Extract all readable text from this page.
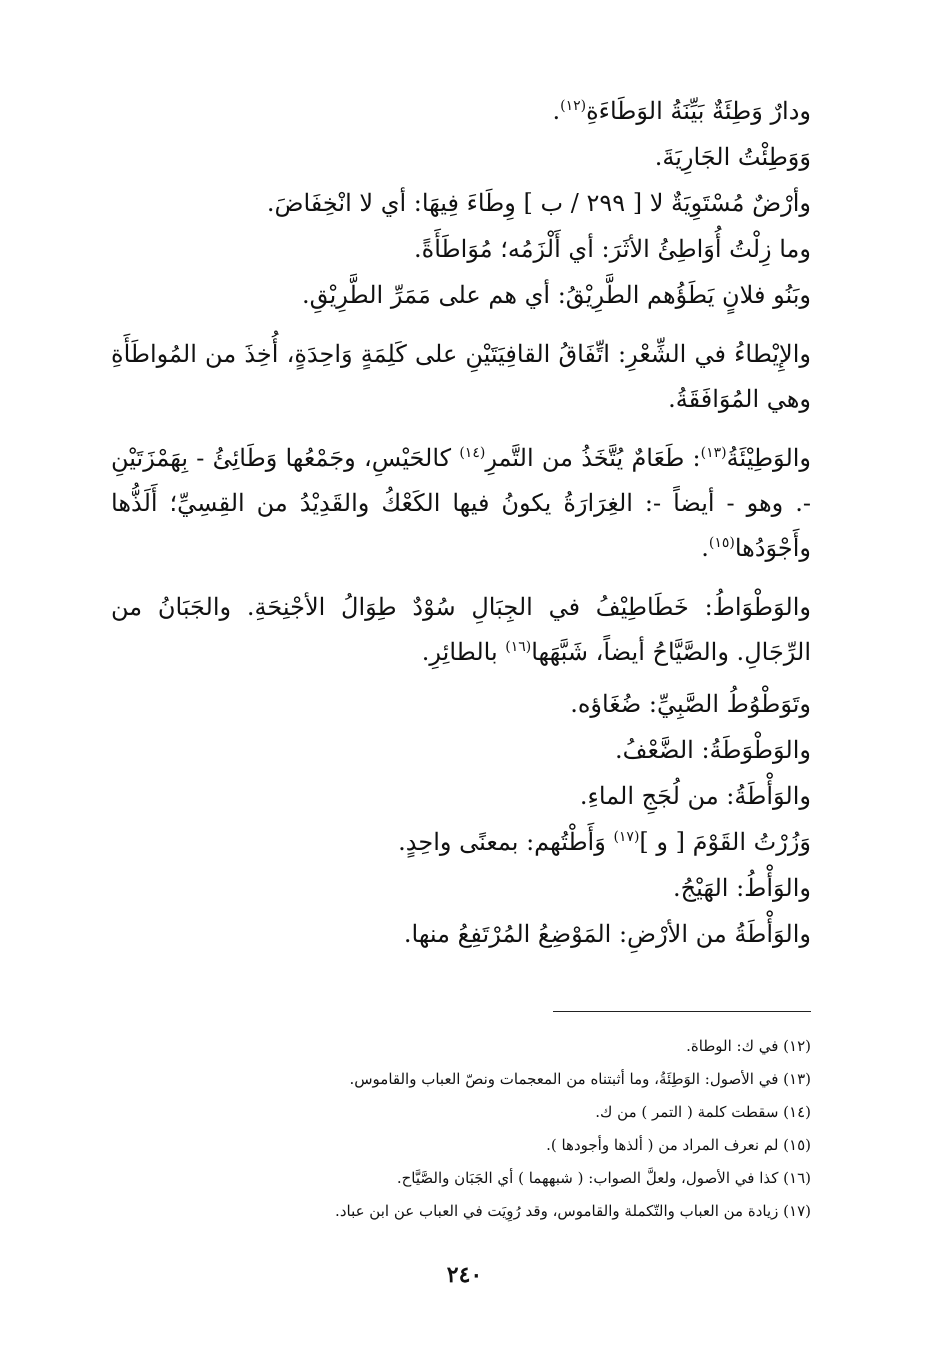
ودارٌ وَطِئَةٌ بَيِّنَةُ الوَطَاءَةِ$^{(١٢)}$.
وَوَطِئْتُ الجَارِيَةَ.
وأرْضٌ مُسْتَوِيَةٌ لا [ ٢٩٩ / ب ] وِطَاءَ فِيهَا: أي لا انْخِفَاضَ.
وما زِلْتُ أُوَاطِئُ الأثَرَ: أي أَلْزَمُه؛ مُوَاطَأَةً.
وبَنُو فلانٍ يَطَؤُهم الطَّرِيْقُ: أي هم على مَمَرِّ الطَّرِيْقِ.
والإِيْطاءُ في الشِّعْرِ: اتِّفَاقُ القافِيَتَيْنِ على كَلِمَةٍ وَاحِدَةٍ، أُخِذَ من المُواطَأَةِ وهي المُوَافَقَةُ.
والوَطِيْئَةُ$^{(١٣)}$: طَعَامٌ يُتَّخَذُ من التَّمرِ$^{(١٤)}$ كالحَيْسِ، وجَمْعُها وَطَائِئُ - بِهَمْزَتَيْنِ -. وهو - أيضاً -: الغِرَارَةُ يكونُ فيها الكَعْكُ والقَدِيْدُ من القِسِيِّ؛ أَلَذُّها وأَجْوَدُها$^{(١٥)}$.
والوَطْوَاطُ: خَطَاطِيْفُ في الجِبَالِ سُوْدٌ طِوَالُ الأجْنِحَةِ. والجَبَانُ من الرِّجَالِ. والصَّيَّاحُ أيضاً، شَبَّهَها$^{(١٦)}$ بالطائِرِ.
وتَوَطْوُطُ الصَّبِيِّ: ضُغَاؤه.
والوَطْوَطَةُ: الضَّعْفُ.
والوَأْطَةُ: من لُجَجِ الماءِ.
وَزُرْتُ القَوْمَ [ و ]$^{(١٧)}$ وَأَطْتُهم: بمعنًى واحِدٍ.
والوَأْطُ: الهَيْجُ.
والوَأْطَةُ من الأرْضِ: المَوْضِعُ المُرْتَفِعُ منها.
(١٢) في ك: الوطاة.
(١٣) في الأصول: الوَطِئَةُ، وما أثبتناه من المعجمات ونصّ العباب والقاموس.
(١٤) سقطت كلمة ( التمر ) من ك.
(١٥) لم نعرف المراد من ( ألذها وأجودها ).
(١٦) كذا في الأصول، ولعلَّ الصواب: ( شبههما ) أي الجَبَان والصَّيَّاح.
(١٧) زيادة من العباب والتّكملة والقاموس، وقد رُوِيَت في العباب عن ابن عباد.
٢٤٠
